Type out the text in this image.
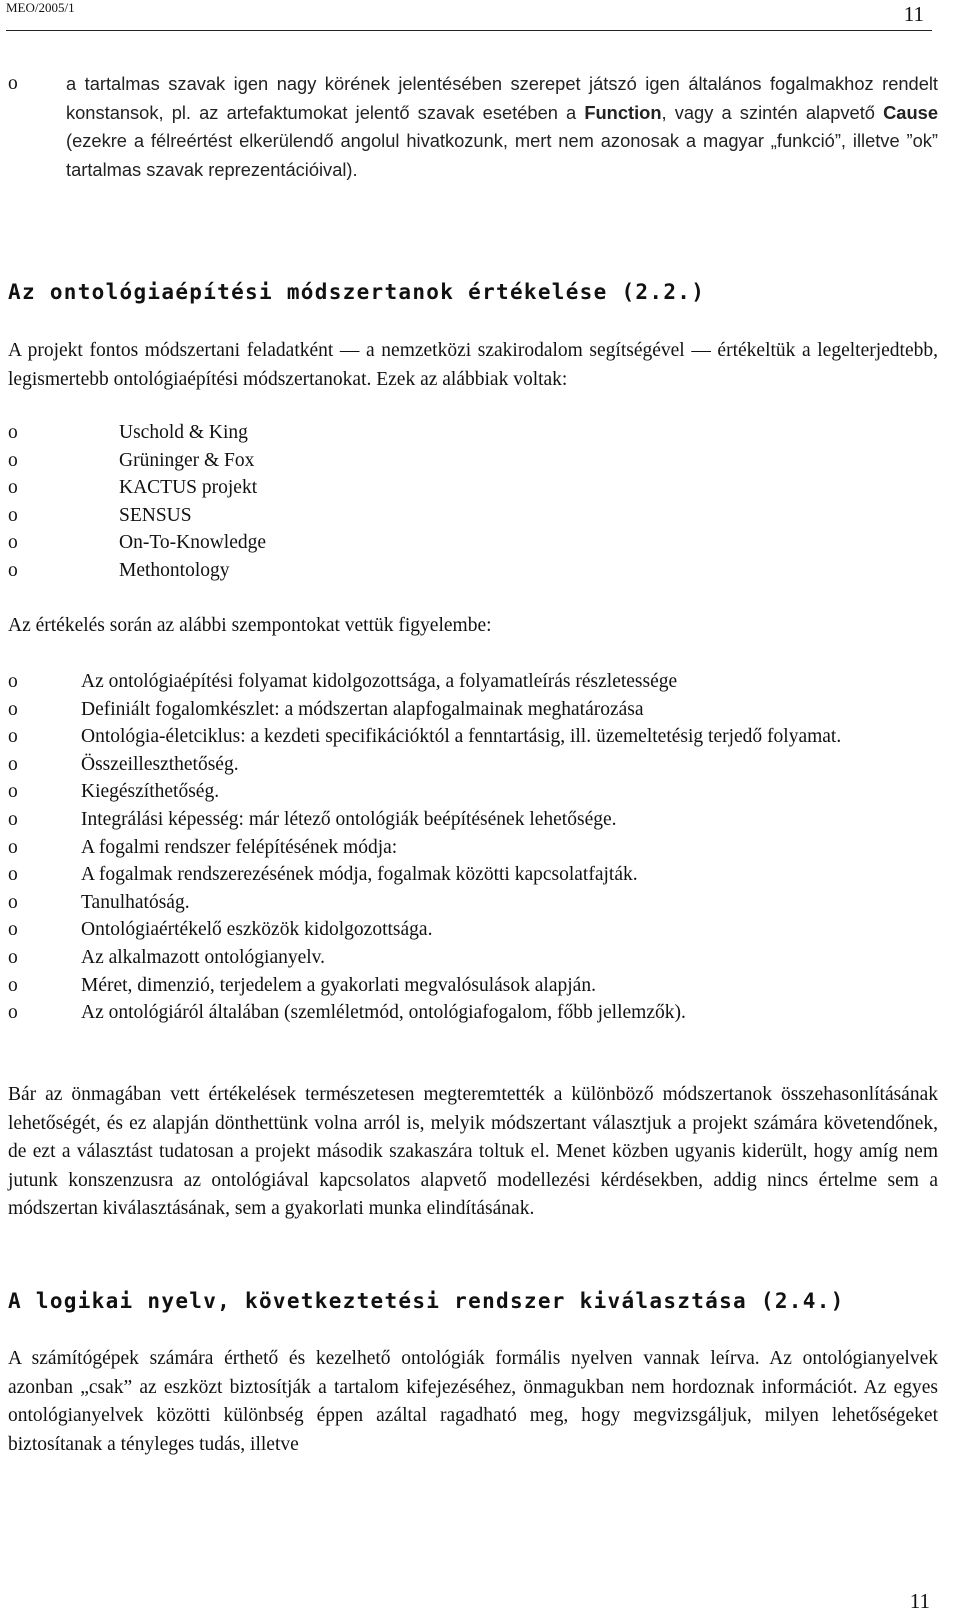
MEO/2005/1	11
o	a tartalmas szavak igen nagy körének jelentésében szerepet játszó igen általános fogalmakhoz rendelt konstansok, pl. az artefaktumokat jelentő szavak esetében a Function, vagy a szintén alapvető Cause (ezekre a félreértést elkerülendő angolul hivatkozunk, mert nem azonosak a magyar „funkció”, illetve ”ok” tartalmas szavak reprezentációival).
Az ontológiaépítési módszertanok értékelése (2.2.)
A projekt fontos módszertani feladatként — a nemzetközi szakirodalom segítségével — értékeltük a legelterjedtebb, legismertebb ontológiaépítési módszertanokat. Ezek az alábbiak voltak:
o	Uschold & King
o	Grüninger & Fox
o	KACTUS projekt
o	SENSUS
o	On-To-Knowledge
o	Methontology
Az értékelés során az alábbi szempontokat vettük figyelembe:
o	Az ontológiaépítési folyamat kidolgozottsága, a folyamatleírás részletessége
o	Definiált fogalomkészlet: a módszertan alapfogalmainak meghatározása
o	Ontológia-életciklus: a kezdeti specifikációktól a fenntartásig, ill. üzemeltetésig terjedő folyamat.
o	Összeilleszthetőség.
o	Kiegészíthetőség.
o	Integrálási képesség: már létező ontológiák beépítésének lehetősége.
o	A fogalmi rendszer felépítésének módja:
o	A fogalmak rendszerezésének módja, fogalmak közötti kapcsolatfajták.
o	Tanulhatóság.
o	Ontológiaértékelő eszközök kidolgozottsága.
o	Az alkalmazott ontológianyelv.
o	Méret, dimenzió, terjedelem a gyakorlati megvalósulások alapján.
o	Az ontológiáról általában (szemléletmód, ontológiafogalom, főbb jellemzők).
Bár az önmagában vett értékelések természetesen megteremtették a különböző módszertanok összehasonlításának lehetőségét, és ez alapján dönthettünk volna arról is, melyik módszertant választjuk a projekt számára követendőnek, de ezt a választást tudatosan a projekt második szakaszára toltuk el. Menet közben ugyanis kiderült, hogy amíg nem jutunk konszenzusra az ontológiával kapcsolatos alapvető modellezési kérdésekben, addig nincs értelme sem a módszertan kiválasztásának, sem a gyakorlati munka elindításának.
A logikai nyelv, következtetési rendszer kiválasztása (2.4.)
A számítógépek számára érthető és kezelhető ontológiák formális nyelven vannak leírva. Az ontológianyelvek azonban „csak” az eszközt biztosítják a tartalom kifejezéséhez, önmagukban nem hordoznak információt. Az egyes ontológianyelvek közötti különbség éppen azáltal ragadható meg, hogy megvizsgáljuk, milyen lehetőségeket biztosítanak a tényleges tudás, illetve
11
